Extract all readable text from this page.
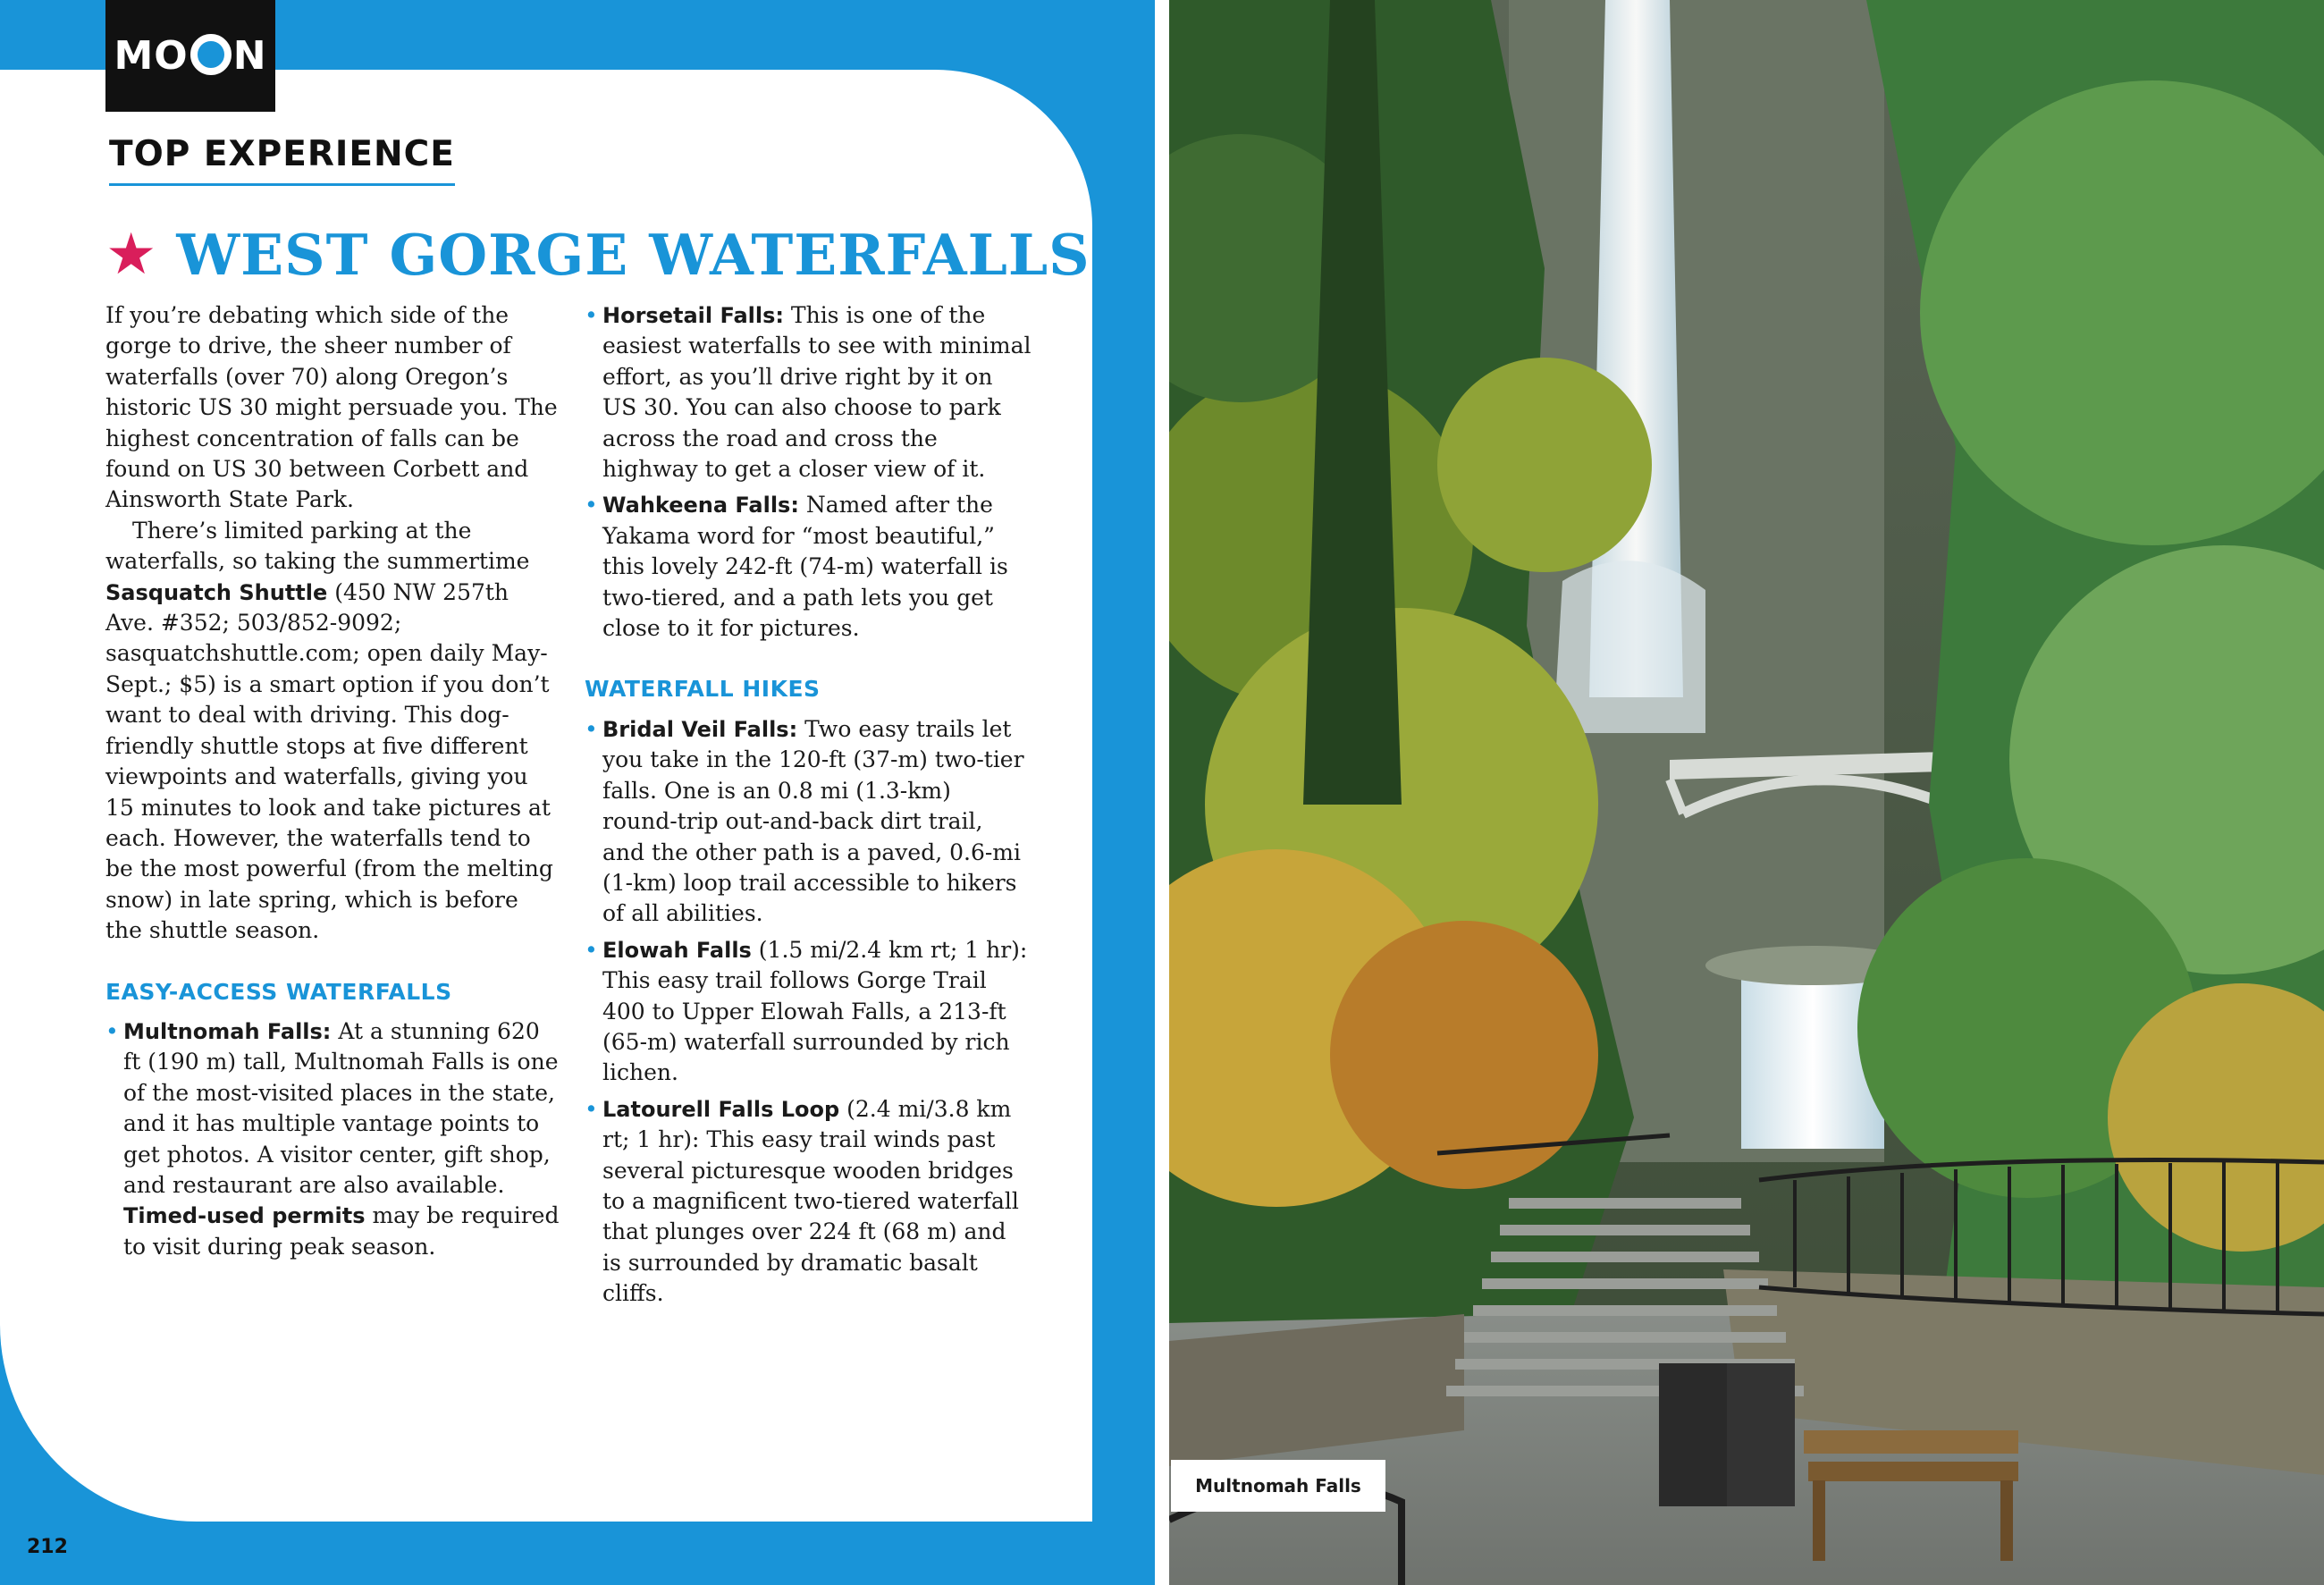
M O N
TOP EXPERIENCE
★ WEST GORGE WATERFALLS

If you’re debating which side of the gorge to drive, the sheer number of waterfalls (over 70) along Oregon’s historic US 30 might persuade you. The highest concentration of falls can be found on US 30 between Corbett and Ainsworth State Park.

There’s limited parking at the waterfalls, so taking the summertime Sasquatch Shuttle (450 NW 257th Ave. #352; 503/852-9092; sasquatchshuttle.com; open daily May-Sept.; $5) is a smart option if you don’t want to deal with driving. This dog-friendly shuttle stops at five different viewpoints and waterfalls, giving you 15 minutes to look and take pictures at each. However, the waterfalls tend to be the most powerful (from the melting snow) in late spring, which is before the shuttle season.

EASY-ACCESS WATERFALLS
• Multnomah Falls: At a stunning 620 ft (190 m) tall, Multnomah Falls is one of the most-visited places in the state, and it has multiple vantage points to get photos. A visitor center, gift shop, and restaurant are also available. Timed-used permits may be required to visit during peak season.
• Horsetail Falls: This is one of the easiest waterfalls to see with minimal effort, as you’ll drive right by it on US 30. You can also choose to park across the road and cross the highway to get a closer view of it.
• Wahkeena Falls: Named after the Yakama word for “most beautiful,” this lovely 242-ft (74-m) waterfall is two-tiered, and a path lets you get close to it for pictures.
WATERFALL HIKES
• Bridal Veil Falls: Two easy trails let you take in the 120-ft (37-m) two-tier falls. One is an 0.8 mi (1.3-km) round-trip out-and-back dirt trail, and the other path is a paved, 0.6-mi (1-km) loop trail accessible to hikers of all abilities.
• Elowah Falls (1.5 mi/2.4 km rt; 1 hr): This easy trail follows Gorge Trail 400 to Upper Elowah Falls, a 213-ft (65-m) waterfall surrounded by rich lichen.
• Latourell Falls Loop (2.4 mi/3.8 km rt; 1 hr): This easy trail winds past several picturesque wooden bridges to a magnificent two-tiered waterfall that plunges over 224 ft (68 m) and is surrounded by dramatic basalt cliffs.
212
Multnomah Falls
